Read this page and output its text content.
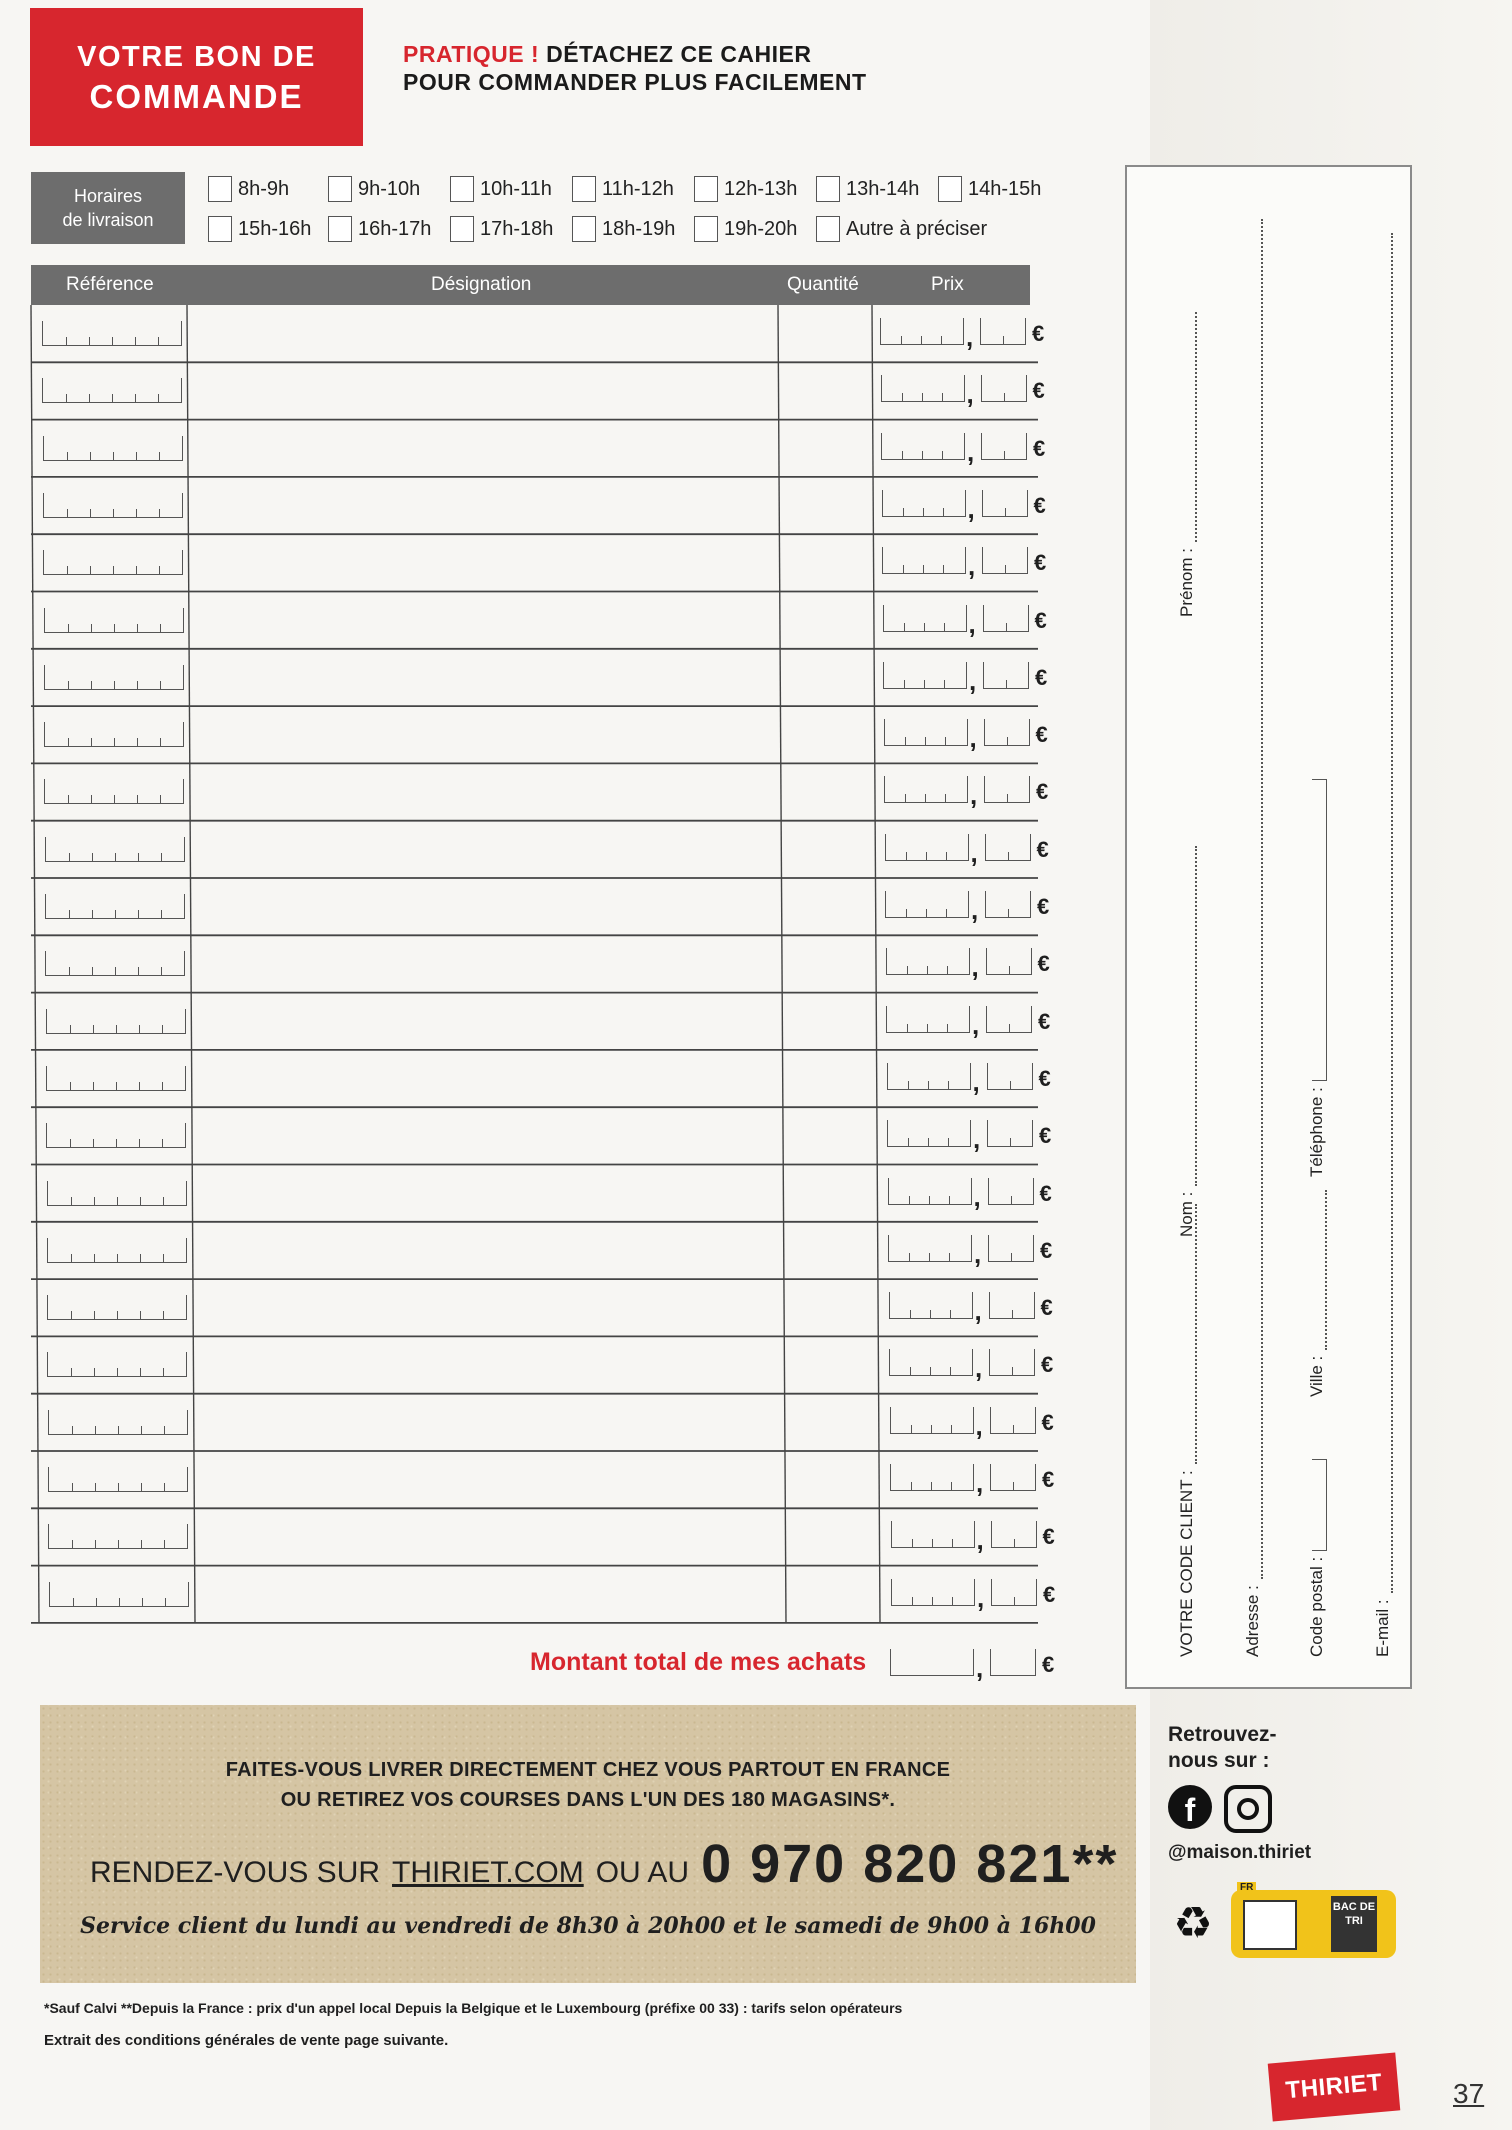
VOTRE BON DE
COMMANDE
PRATIQUE ! DÉTACHEZ CE CAHIER
POUR COMMANDER PLUS FACILEMENT
Horaires
de livraison
8h-9h	9h-10h	10h-11h	11h-12h	12h-13h 13h-14h 14h-15h
15h-16h 16h-17h 17h-18h 18h-19h 19h-20h Autre à préciser
Référence	Désignation	Quantité	Prix
,	€
,	€
,	€
,	€
,	€
,	€
,	€
,	€
,	€
,	€
,	€
,	€
,	€
,	€
,	€
,	€
,	€
,	€
,	€
,	€
,	€
,	€
,	€
Montant total de mes achats	,	€
VOTRE CODE CLIENT :
Nom :
Prénom :
Adresse :	Code postal :
Ville :
Téléphone :
E-mail :
FAITES-VOUS LIVRER DIRECTEMENT CHEZ VOUS PARTOUT EN FRANCE
OU RETIREZ VOS COURSES DANS L'UN DES 180 MAGASINS*.
RENDEZ-VOUS SUR THIRIET.COM OU AU 0 970 820 821**
Service client du lundi au vendredi de 8h30 à 20h00 et le samedi de 9h00 à 16h00
Retrouvez-
nous sur :
f
@maison.thiriet
♻
FR
BAC DE TRI
*Sauf Calvi **Depuis la France : prix d'un appel local Depuis la Belgique et le Luxembourg (préfixe 00 33) : tarifs selon opérateurs
Extrait des conditions générales de vente page suivante.
THIRIET	37
